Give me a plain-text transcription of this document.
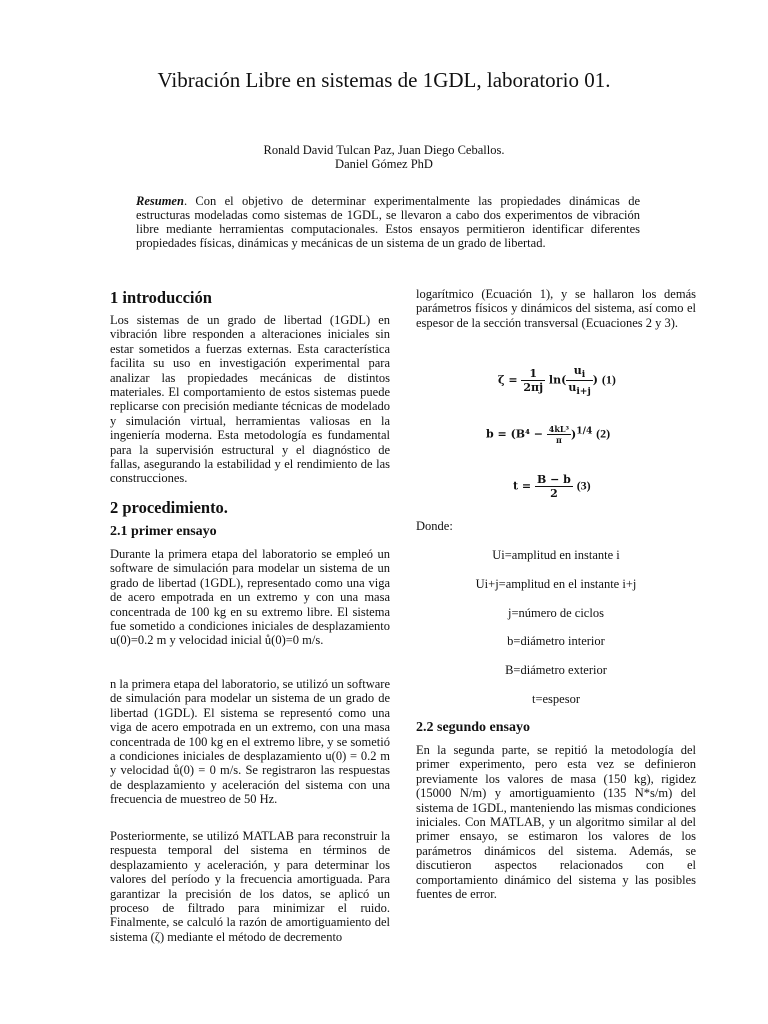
Vibración Libre en sistemas de 1GDL, laboratorio 01.
Ronald David Tulcan Paz, Juan Diego Ceballos.
Daniel Gómez PhD
Resumen. Con el objetivo de determinar experimentalmente las propiedades dinámicas de estructuras modeladas como sistemas de 1GDL, se llevaron a cabo dos experimentos de vibración libre mediante herramientas computacionales. Estos ensayos permitieron identificar diferentes propiedades físicas, dinámicas y mecánicas de un sistema de un grado de libertad.
1 introducción

Los sistemas de un grado de libertad (1GDL) en vibración libre responden a alteraciones iniciales sin estar sometidos a fuerzas externas. Esta característica facilita su uso en investigación experimental para analizar las propiedades mecánicas de distintos materiales. El comportamiento de estos sistemas puede replicarse con precisión mediante técnicas de modelado y simulación virtual, herramientas valiosas en la ingeniería moderna. Esta metodología es fundamental para la supervisión estructural y el diagnóstico de fallas, asegurando la estabilidad y el rendimiento de las construcciones.

2 procedimiento.
2.1 primer ensayo

Durante la primera etapa del laboratorio se empleó un software de simulación para modelar un sistema de un grado de libertad (1GDL), representado como una viga de acero empotrada en un extremo y con una masa concentrada de 100 kg en su extremo libre. El sistema fue sometido a condiciones iniciales de desplazamiento u(0)=0.2 m y velocidad inicial ů(0)=0 m/s.

n la primera etapa del laboratorio, se utilizó un software de simulación para modelar un sistema de un grado de libertad (1GDL). El sistema se representó como una viga de acero empotrada en un extremo, con una masa concentrada de 100 kg en el extremo libre, y se sometió a condiciones iniciales de desplazamiento u(0) = 0.2 m y velocidad ů(0) = 0 m/s. Se registraron las respuestas de desplazamiento y aceleración del sistema con una frecuencia de muestreo de 50 Hz.

Posteriormente, se utilizó MATLAB para reconstruir la respuesta temporal del sistema en términos de desplazamiento y aceleración, y para determinar los valores del período y la frecuencia amortiguada. Para garantizar la precisión de los datos, se aplicó un proceso de filtrado para minimizar el ruido. Finalmente, se calculó la razón de amortiguamiento del sistema (ζ) mediante el método de decremento

logarítmico (Ecuación 1), y se hallaron los demás parámetros físicos y dinámicos del sistema, así como el espesor de la sección transversal (Ecuaciones 2 y 3).

$\zeta = \frac{1}{2\pi j} \ln( \frac{u_i}{u_{i+j}}$ ) (1)
$b = (B^4 - \frac{\text{4kL³}}{\pi} )^{1/4}$ (2)
$t = \frac{B - b}{2} (3)$

Donde:

Ui=amplitud en instante i
Ui+j=amplitud en el instante i+j
j=número de ciclos
b=diámetro interior
B=diámetro exterior
t=espesor
2.2 segundo ensayo

En la segunda parte, se repitió la metodología del primer experimento, pero esta vez se definieron previamente los valores de masa (150 kg), rigidez (15000 N/m) y amortiguamiento (135 N*s/m) del sistema de 1GDL, manteniendo las mismas condiciones iniciales. Con MATLAB, y un algoritmo similar al del primer ensayo, se estimaron los valores de los parámetros dinámicos del sistema. Además, se discutieron aspectos relacionados con el comportamiento dinámico del sistema y las posibles fuentes de error.
